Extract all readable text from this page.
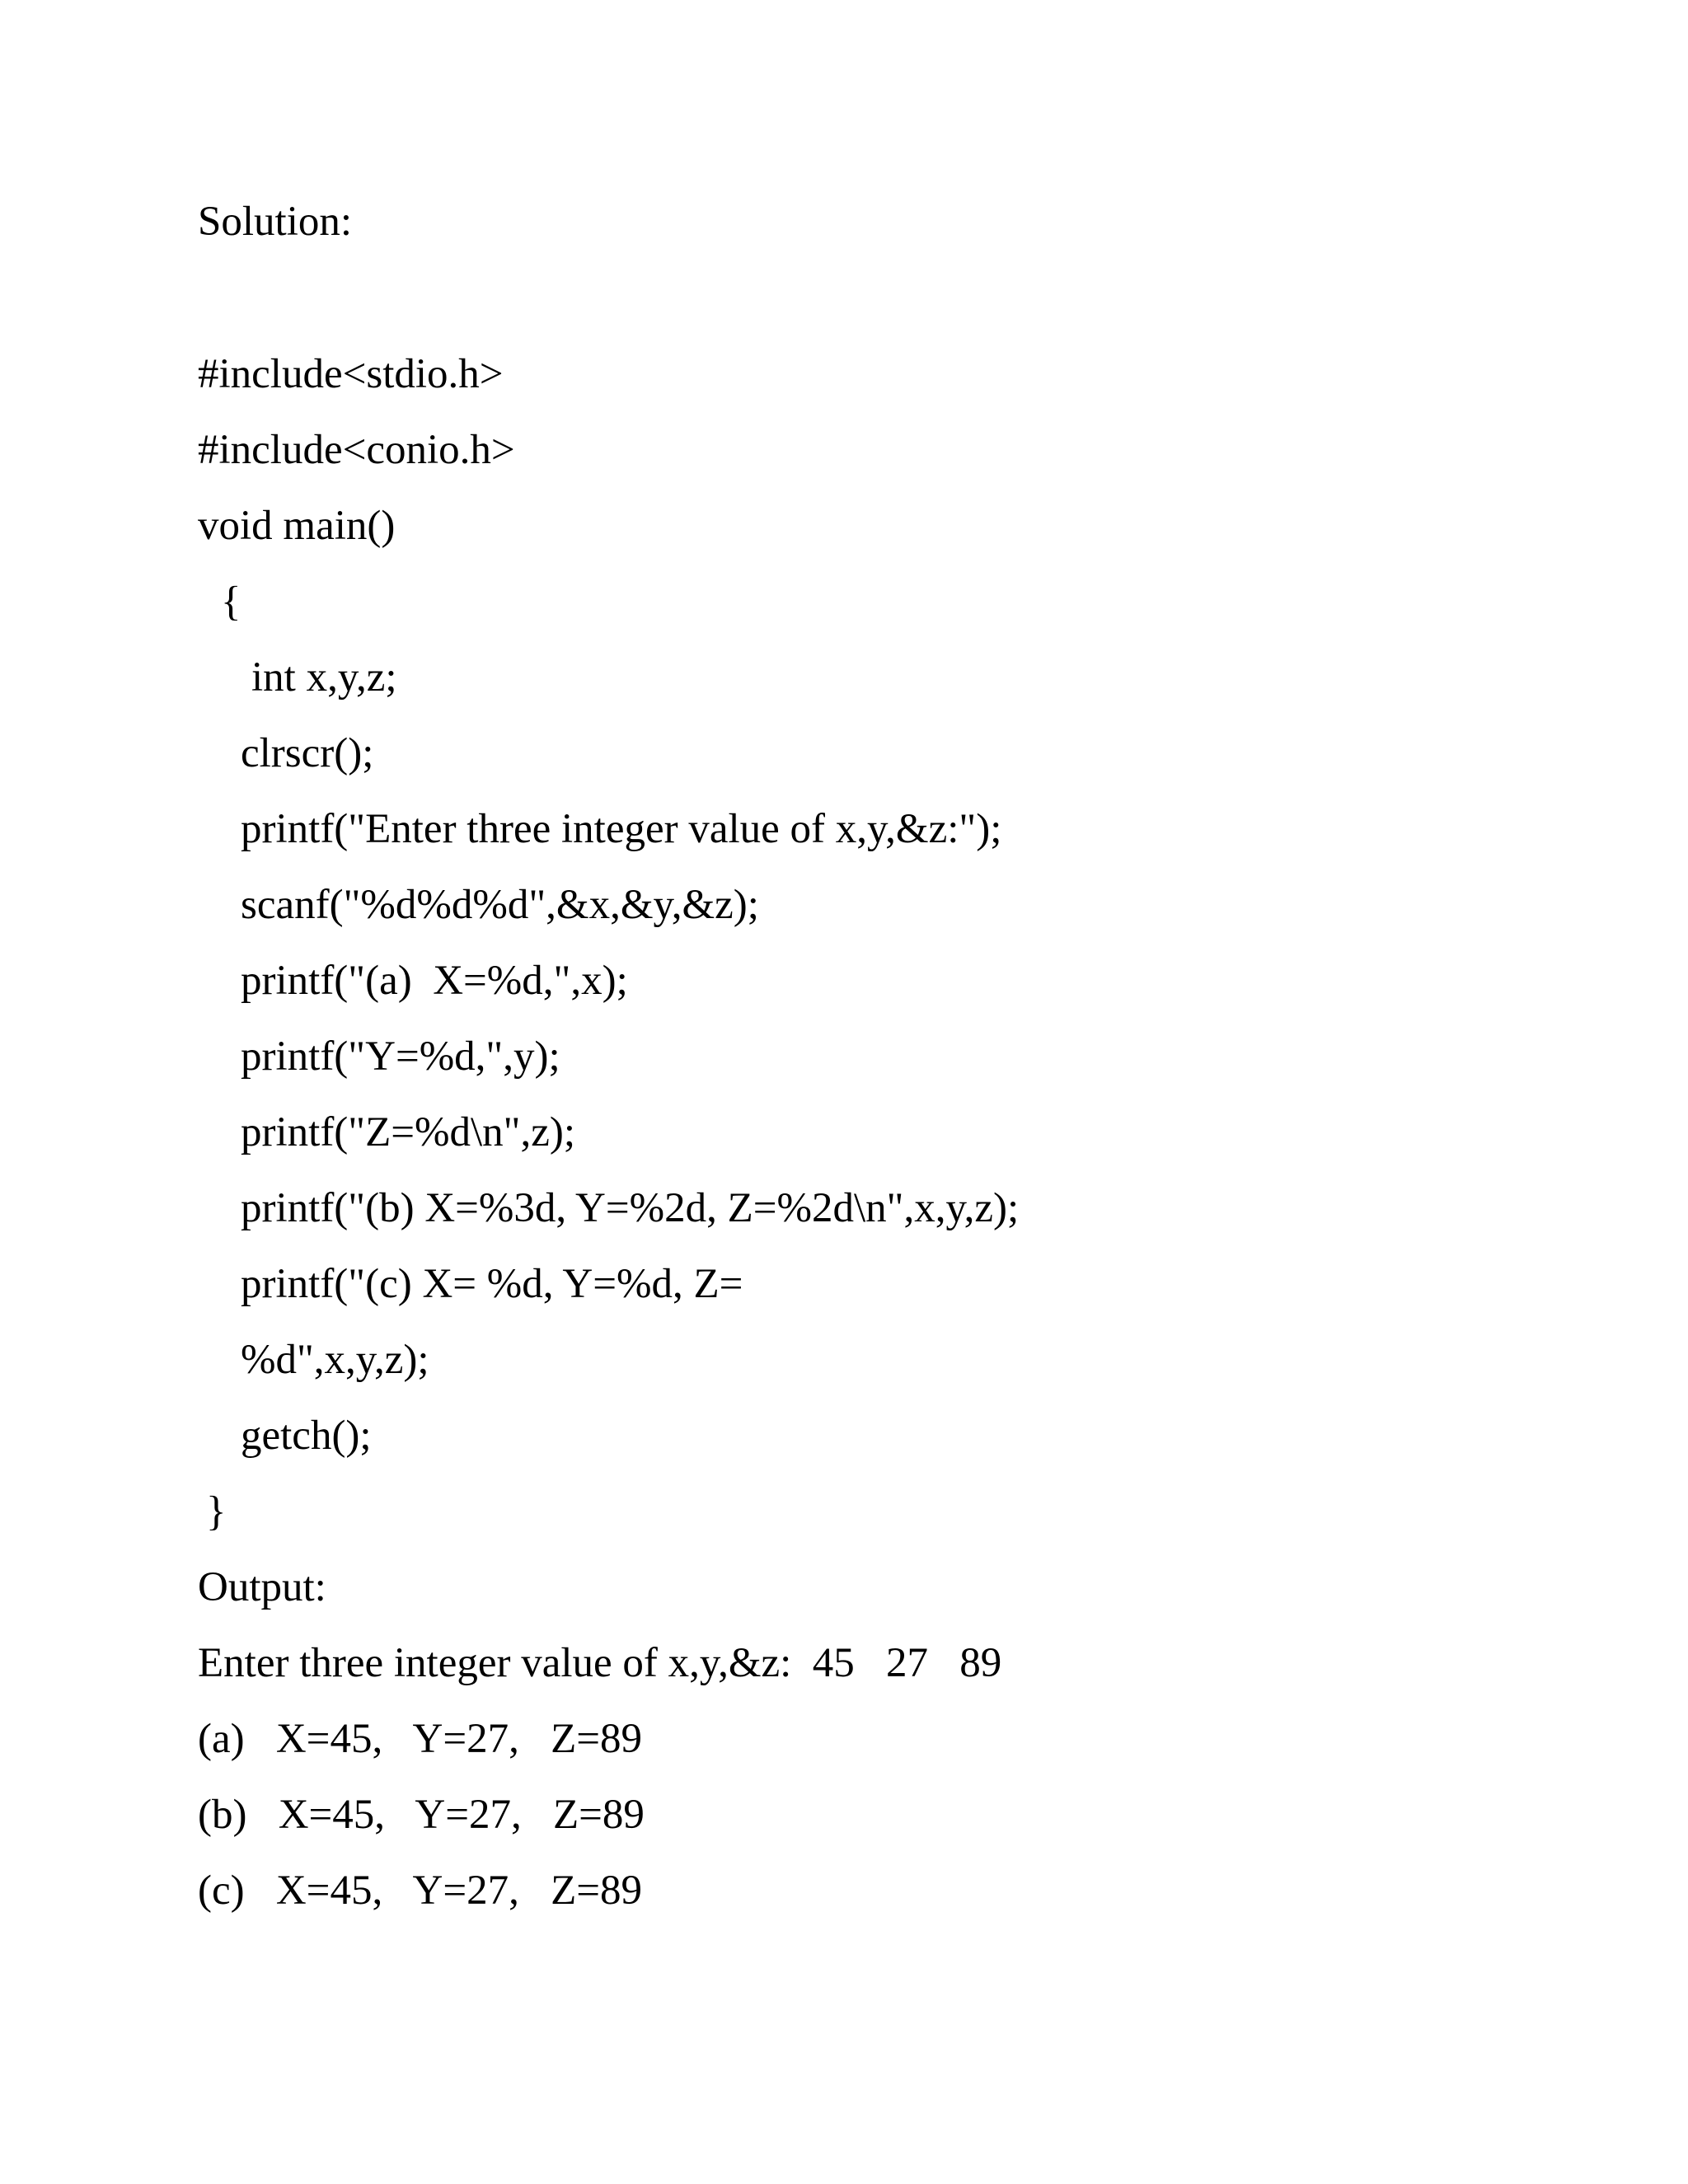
Solution:

#include<stdio.h>

#include<conio.h>

void main()

{

int x,y,z;

clrscr();

printf("Enter three integer value of x,y,&z:");

scanf("%d%d%d",&x,&y,&z);

printf("(a)  X=%d,",x);

printf("Y=%d,",y);

printf("Z=%d\n",z);

printf("(b) X=%3d, Y=%2d, Z=%2d\n",x,y,z);

printf("(c) X= %d, Y=%d, Z=

%d",x,y,z);

getch();

}

Output:

Enter three integer value of x,y,&z:  45   27   89

(a)   X=45,   Y=27,   Z=89

(b)   X=45,   Y=27,   Z=89

(c)   X=45,   Y=27,   Z=89
